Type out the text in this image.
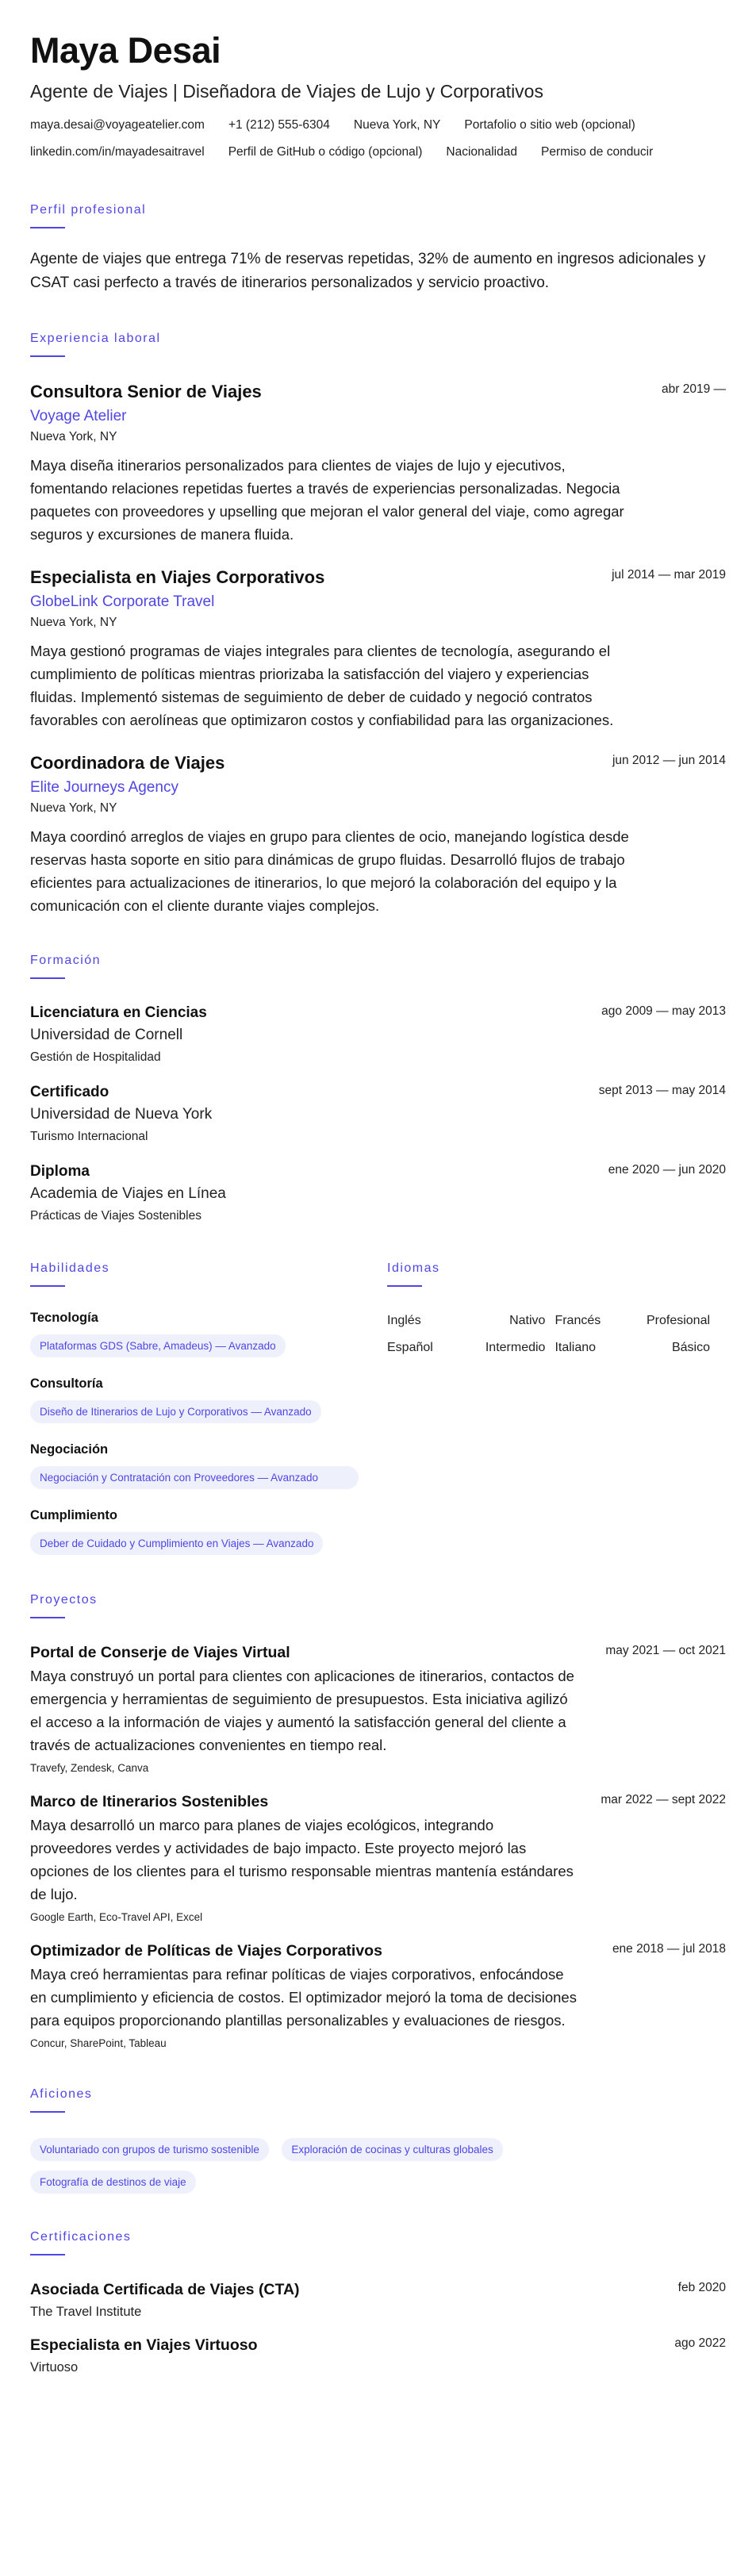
Maya Desai
Agente de Viajes | Diseñadora de Viajes de Lujo y Corporativos
maya.desai@voyageatelier.com +1 (212) 555-6304 Nueva York, NY Portafolio o sitio web (opcional)
linkedin.com/in/mayadesaitravel Perfil de GitHub o código (opcional) Nacionalidad Permiso de conducir
Perfil profesional
Agente de viajes que entrega 71% de reservas repetidas, 32% de aumento en ingresos adicionales y CSAT casi perfecto a través de itinerarios personalizados y servicio proactivo.
Experiencia laboral
abr 2019 —
Consultora Senior de Viajes
Voyage Atelier
Nueva York, NY
Maya diseña itinerarios personalizados para clientes de viajes de lujo y ejecutivos, fomentando relaciones repetidas fuertes a través de experiencias personalizadas. Negocia paquetes con proveedores y upselling que mejoran el valor general del viaje, como agregar seguros y excursiones de manera fluida.
jul 2014 — mar 2019
Especialista en Viajes Corporativos
GlobeLink Corporate Travel
Nueva York, NY
Maya gestionó programas de viajes integrales para clientes de tecnología, asegurando el cumplimiento de políticas mientras priorizaba la satisfacción del viajero y experiencias fluidas. Implementó sistemas de seguimiento de deber de cuidado y negoció contratos favorables con aerolíneas que optimizaron costos y confiabilidad para las organizaciones.
jun 2012 — jun 2014
Coordinadora de Viajes
Elite Journeys Agency
Nueva York, NY
Maya coordinó arreglos de viajes en grupo para clientes de ocio, manejando logística desde reservas hasta soporte en sitio para dinámicas de grupo fluidas. Desarrolló flujos de trabajo eficientes para actualizaciones de itinerarios, lo que mejoró la colaboración del equipo y la comunicación con el cliente durante viajes complejos.
Formación
ago 2009 — may 2013
Licenciatura en Ciencias
Universidad de Cornell
Gestión de Hospitalidad
sept 2013 — may 2014
Certificado
Universidad de Nueva York
Turismo Internacional
ene 2020 — jun 2020
Diploma
Academia de Viajes en Línea
Prácticas de Viajes Sostenibles
Habilidades
Tecnología
Plataformas GDS (Sabre, Amadeus) — Avanzado
Consultoría
Diseño de Itinerarios de Lujo y Corporativos — Avanzado
Negociación
Negociación y Contratación con Proveedores — Avanzado
Cumplimiento
Deber de Cuidado y Cumplimiento en Viajes — Avanzado
Idiomas
Inglés	Nativo Francés	Profesional
Español	Intermedio Italiano	Básico
Proyectos
may 2021 — oct 2021
Portal de Conserje de Viajes Virtual
Maya construyó un portal para clientes con aplicaciones de itinerarios, contactos de emergencia y herramientas de seguimiento de presupuestos. Esta iniciativa agilizó el acceso a la información de viajes y aumentó la satisfacción general del cliente a través de actualizaciones convenientes en tiempo real.
Travefy, Zendesk, Canva
mar 2022 — sept 2022
Marco de Itinerarios Sostenibles
Maya desarrolló un marco para planes de viajes ecológicos, integrando proveedores verdes y actividades de bajo impacto. Este proyecto mejoró las opciones de los clientes para el turismo responsable mientras mantenía estándares de lujo.
Google Earth, Eco-Travel API, Excel
ene 2018 — jul 2018
Optimizador de Políticas de Viajes Corporativos
Maya creó herramientas para refinar políticas de viajes corporativos, enfocándose en cumplimiento y eficiencia de costos. El optimizador mejoró la toma de decisiones para equipos proporcionando plantillas personalizables y evaluaciones de riesgos.
Concur, SharePoint, Tableau
Aficiones
Voluntariado con grupos de turismo sostenible	Exploración de cocinas y culturas globales Fotografía de destinos de viaje
Certificaciones
feb 2020
Asociada Certificada de Viajes (CTA)
The Travel Institute
ago 2022
Especialista en Viajes Virtuoso
Virtuoso
